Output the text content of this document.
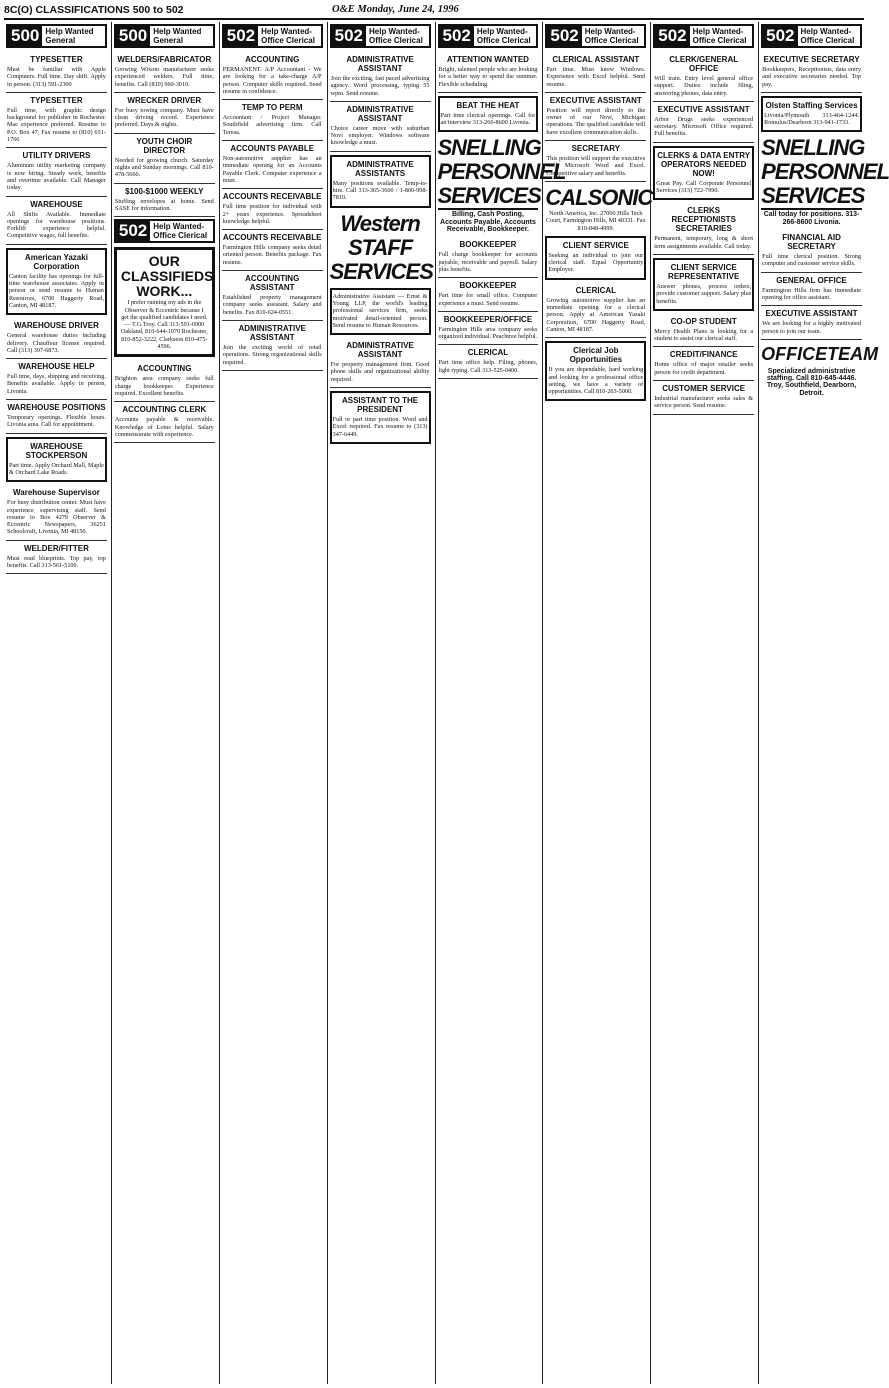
8C(O) CLASSIFICATIONS 500 to 502	O&E Monday, June 24, 1996
500 Help Wanted General
TYPESETTER
Must be familiar with Apple Computers. Full time. Day shift. Apply in person. (313) 591-2300
TYPESETTER
Full time, with graphic design background for publisher in Rochester. Mac experience preferred. Resume to P.O. Box 47, Fax resume to (810) 651-1766
UTILITY DRIVERS
Aluminum utility marketing company is now hiring. Steady work, benefits and overtime available. Call Manager today.
WAREHOUSE
All Shifts Available. Immediate openings for warehouse positions. Forklift experience helpful. Competitive wages, full benefits.
American Yazaki Corporation
Canton facility has openings for full-time warehouse associates. Apply in person or send resume to Human Resources, 6700 Haggerty Road, Canton, MI 48187.
WAREHOUSE DRIVER
General warehouse duties including delivery. Chauffeur license required. Call (313) 397-6873.
WAREHOUSE HELP
Full time, days, shipping and receiving. Benefits available. Apply in person, Livonia.
WAREHOUSE POSITIONS
Temporary openings. Flexible hours. Livonia area. Call for appointment.
WAREHOUSE STOCKPERSON
Part time. Apply Orchard Mall, Maple & Orchard Lake Roads.
Warehouse Supervisor
For busy distribution center. Must have experience supervising staff. Send resume to Box 4279 Observer & Eccentric Newspapers, 36251 Schoolcraft, Livonia, MI 48150.
WELDER/FITTER
Must read blueprints. Top pay, top benefits. Call 313-561-5100.
500 Help Wanted General
WELDERS/FABRICATOR
Growing Wixom manufacturer seeks experienced welders. Full time, benefits. Call (810) 960-3010.
WRECKER DRIVER
For busy towing company. Must have clean driving record. Experience preferred. Days & nights.
YOUTH CHOIR DIRECTOR
Needed for growing church. Saturday nights and Sunday mornings. Call 810-478-5660.
$100-$1000 WEEKLY
Stuffing envelopes at home. Send SASE for information.
502 Help Wanted-Office Clerical
OUR CLASSIFIEDS WORK...
I prefer running my ads in the Observer & Eccentric because I get the qualified candidates I need. — T.G.Troy. Call 313-591-0900 Oakland, 810-644-1070 Rochester, 810-852-3222, Clarkston 810-475-4596.
ACCOUNTING
Brighton area company seeks full charge bookkeeper. Experience required. Excellent benefits.
ACCOUNTING CLERK
Accounts payable & receivable. Knowledge of Lotus helpful. Salary commensurate with experience.
502 Help Wanted-Office Clerical
ACCOUNTING
PERMANENT. A/P Accountant - We are looking for a take-charge A/P person. Computer skills required. Send resume in confidence.
TEMP TO PERM
Accountant / Project Manager. Southfield advertising firm. Call Teresa.
ACCOUNTS PAYABLE
Non-automotive supplier has an immediate opening for an Accounts Payable Clerk. Computer experience a must.
ACCOUNTS RECEIVABLE
Full time position for individual with 2+ years experience. Spreadsheet knowledge helpful.
ACCOUNTS RECEIVABLE
Farmington Hills company seeks detail oriented person. Benefits package. Fax resume.
ACCOUNTING ASSISTANT
Established property management company seeks assistant. Salary and benefits. Fax 810-624-0551.
ADMINISTRATIVE ASSISTANT
Join the exciting world of retail operations. Strong organizational skills required.
502 Help Wanted-Office Clerical
ADMINISTRATIVE ASSISTANT
Join the exciting, fast paced advertising agency. Word processing, typing 55 wpm. Send resume.
ADMINISTRATIVE ASSISTANT
Choice career move with suburban Novi employer. Windows software knowledge a must.
ADMINISTRATIVE ASSISTANTS
Many positions available. Temp-to-hire. Call 313-365-3600 / 1-800-998-7810.
Western STAFF SERVICES
Administrative Assistant — Ernst & Young LLP, the world's leading professional services firm, seeks motivated detail-oriented person. Send resume to Human Resources.
ADMINISTRATIVE ASSISTANT
For property management firm. Good phone skills and organizational ability required.
ASSISTANT TO THE PRESIDENT
Full or part time position. Word and Excel required. Fax resume to (313) 347-6449.
502 Help Wanted-Office Clerical
ATTENTION WANTED
Bright, talented people who are looking for a better way to spend the summer. Flexible scheduling.
BEAT THE HEAT
Part time clerical openings. Call for an interview 313-266-8600 Livonia.
SNELLING PERSONNEL SERVICES
Billing, Cash Posting, Accounts Payable, Accounts Receivable, Bookkeeper.
BOOKKEEPER
Full charge bookkeeper for accounts payable, receivable and payroll. Salary plus benefits.
BOOKKEEPER
Part time for small office. Computer experience a must. Send resume.
BOOKKEEPER/OFFICE
Farmington Hills area company seeks organized individual. Peachtree helpful.
CLERICAL
Part time office help. Filing, phones, light typing. Call 313-525-0400.
502 Help Wanted-Office Clerical
CLERICAL ASSISTANT
Part time. Must know Windows. Experience with Excel helpful. Send resume.
EXECUTIVE ASSISTANT
Position will report directly to the owner of our Novi, Michigan operations. The qualified candidate will have excellent communication skills.
SECRETARY
This position will support the executive staff. Microsoft Word and Excel. Competitive salary and benefits.
CALSONIC
North America, Inc. 27000 Hills Tech Court, Farmington Hills, MI 48331. Fax 810-848-4999.
CLIENT SERVICE
Seeking an individual to join our clerical staff. Equal Opportunity Employer.
CLERICAL
Growing automotive supplier has an immediate opening for a clerical person. Apply at American Yazaki Corporation, 6700 Haggerty Road, Canton, MI 48187.
Clerical Job Opportunities
If you are dependable, hard working and looking for a professional office setting, we have a variety of opportunities. Call 810-263-5000.
502 Help Wanted-Office Clerical
CLERK/GENERAL OFFICE
Will train. Entry level general office support. Duties include filing, answering phones, data entry.
EXECUTIVE ASSISTANT
Arbor Drugs seeks experienced secretary. Microsoft Office required. Full benefits.
CLERKS & DATA ENTRY OPERATORS NEEDED NOW!
Great Pay. Call Corporate Personnel Services (313) 722-7990.
CLERKS RECEPTIONISTS SECRETARIES
Permanent, temporary, long & short term assignments available. Call today.
CLIENT SERVICE REPRESENTATIVE
Answer phones, process orders, provide customer support. Salary plus benefits.
CO-OP STUDENT
Mercy Health Plans is looking for a student to assist our clerical staff.
CREDIT/FINANCE
Home office of major retailer seeks person for credit department.
CUSTOMER SERVICE
Industrial manufacturer seeks sales & service person. Send resume.
502 Help Wanted-Office Clerical
EXECUTIVE SECRETARY
Bookkeepers, Receptionists, data entry and executive secretaries needed. Top pay.
Olsten Staffing Services
Livonia/Plymouth 313-464-1244. Romulus/Dearborn 313-941-1733.
SNELLING PERSONNEL SERVICES
Call today for positions. 313-266-8600 Livonia.
FINANCIAL AID SECRETARY
Full time clerical position. Strong computer and customer service skills.
GENERAL OFFICE
Farmington Hills firm has immediate opening for office assistant.
EXECUTIVE ASSISTANT
We are looking for a highly motivated person to join our team.
OFFICETEAM
Specialized administrative staffing. Call 810-645-4446. Troy, Southfield, Dearborn, Detroit.
